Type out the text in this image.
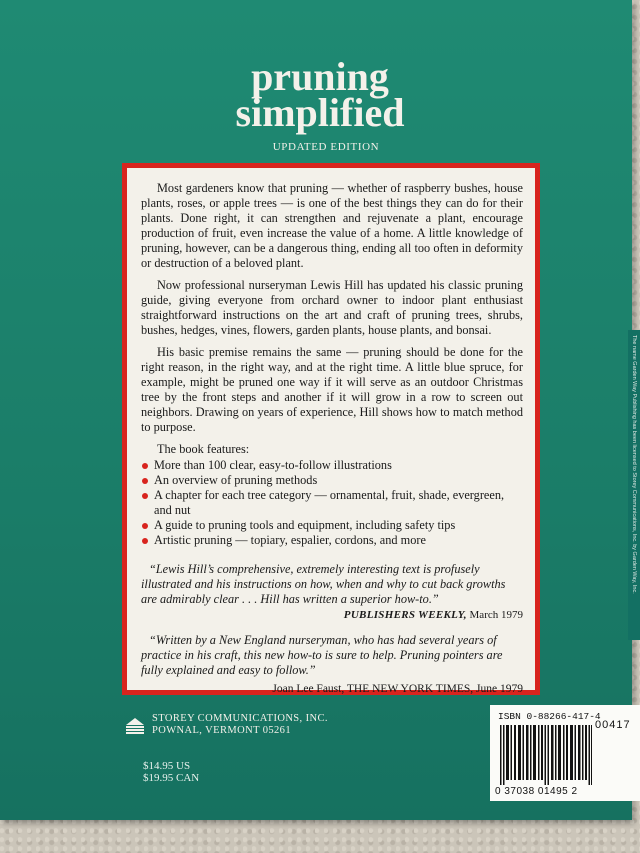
pruning
simplified
UPDATED EDITION

Most gardeners know that pruning — whether of raspberry bushes, house plants, roses, or apple trees — is one of the best things they can do for their plants. Done right, it can strengthen and rejuvenate a plant, encourage production of fruit, even increase the value of a home. A little knowledge of pruning, however, can be a dangerous thing, ending all too often in deformity or destruction of a beloved plant.

Now professional nurseryman Lewis Hill has updated his classic pruning guide, giving everyone from orchard owner to indoor plant enthusiast straightforward instructions on the art and craft of pruning trees, shrubs, bushes, hedges, vines, flowers, garden plants, house plants, and bonsai.

His basic premise remains the same — pruning should be done for the right reason, in the right way, and at the right time. A little blue spruce, for example, might be pruned one way if it will serve as an outdoor Christmas tree by the front steps and another if it will grow in a row to screen out neighbors. Drawing on years of experience, Hill shows how to match method to purpose.

The book features:
More than 100 clear, easy-to-follow illustrations
An overview of pruning methods
A chapter for each tree category — ornamental, fruit, shade, evergreen, and nut
A guide to pruning tools and equipment, including safety tips
Artistic pruning — topiary, espalier, cordons, and more
“Lewis Hill’s comprehensive, extremely interesting text is profusely illustrated and his instructions on how, when and why to cut back growths are admirably clear . . . Hill has written a superior how-to.”
PUBLISHERS WEEKLY, March 1979
“Written by a New England nurseryman, who has had several years of practice in his craft, this new how-to is sure to help. Pruning pointers are fully explained and easy to follow.”
Joan Lee Faust, THE NEW YORK TIMES, June 1979
STOREY COMMUNICATIONS, INC.
POWNAL, VERMONT 05261
$14.95 US
$19.95 CAN
ISBN 0-88266-417-4
00417
0 37038 01495 2
The name Garden Way Publishing has been licensed to Storey Communications, Inc. by Garden Way, Inc.
